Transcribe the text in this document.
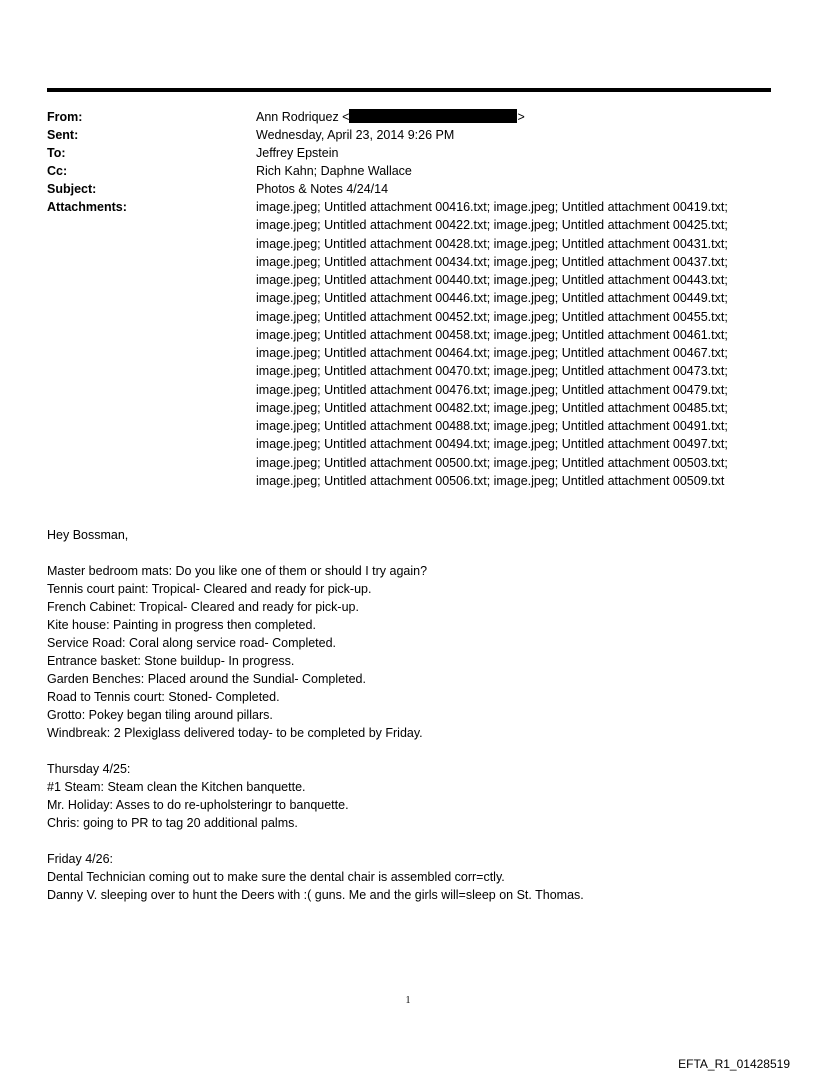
From:	Ann Rodriquez <	>
Sent:	Wednesday, April 23, 2014 9:26 PM
To:	Jeffrey Epstein
Cc:	Rich Kahn; Daphne Wallace
Subject:	Photos & Notes 4/24/14
Attachments:	image.jpeg; Untitled attachment 00416.txt; image.jpeg; Untitled attachment 00419.txt;
image.jpeg; Untitled attachment 00422.txt; image.jpeg; Untitled attachment 00425.txt;
image.jpeg; Untitled attachment 00428.txt; image.jpeg; Untitled attachment 00431.txt;
image.jpeg; Untitled attachment 00434.txt; image.jpeg; Untitled attachment 00437.txt;
image.jpeg; Untitled attachment 00440.txt; image.jpeg; Untitled attachment 00443.txt;
image.jpeg; Untitled attachment 00446.txt; image.jpeg; Untitled attachment 00449.txt;
image.jpeg; Untitled attachment 00452.txt; image.jpeg; Untitled attachment 00455.txt;
image.jpeg; Untitled attachment 00458.txt; image.jpeg; Untitled attachment 00461.txt;
image.jpeg; Untitled attachment 00464.txt; image.jpeg; Untitled attachment 00467.txt;
image.jpeg; Untitled attachment 00470.txt; image.jpeg; Untitled attachment 00473.txt;
image.jpeg; Untitled attachment 00476.txt; image.jpeg; Untitled attachment 00479.txt;
image.jpeg; Untitled attachment 00482.txt; image.jpeg; Untitled attachment 00485.txt;
image.jpeg; Untitled attachment 00488.txt; image.jpeg; Untitled attachment 00491.txt;
image.jpeg; Untitled attachment 00494.txt; image.jpeg; Untitled attachment 00497.txt;
image.jpeg; Untitled attachment 00500.txt; image.jpeg; Untitled attachment 00503.txt;
image.jpeg; Untitled attachment 00506.txt; image.jpeg; Untitled attachment 00509.txt
Hey Bossman,
Master bedroom mats: Do you like one of them or should I try again?
Tennis court paint: Tropical- Cleared and ready for pick-up.
French Cabinet: Tropical- Cleared and ready for pick-up.
Kite house: Painting in progress then completed.
Service Road: Coral along service road- Completed.
Entrance basket: Stone buildup- In progress.
Garden Benches: Placed around the Sundial- Completed.
Road to Tennis court: Stoned- Completed.
Grotto: Pokey began tiling around pillars.
Windbreak: 2 Plexiglass delivered today- to be completed by Friday.
Thursday 4/25:
#1 Steam: Steam clean the Kitchen banquette.
Mr. Holiday: Asses to do re-upholsteringr to banquette.
Chris: going to PR to tag 20 additional palms.
Friday 4/26:
Dental Technician coming out to make sure the dental chair is assembled corr=ctly.
Danny V. sleeping over to hunt the Deers with :( guns. Me and the girls will=sleep on St. Thomas.
1
EFTA_R1_01428519
